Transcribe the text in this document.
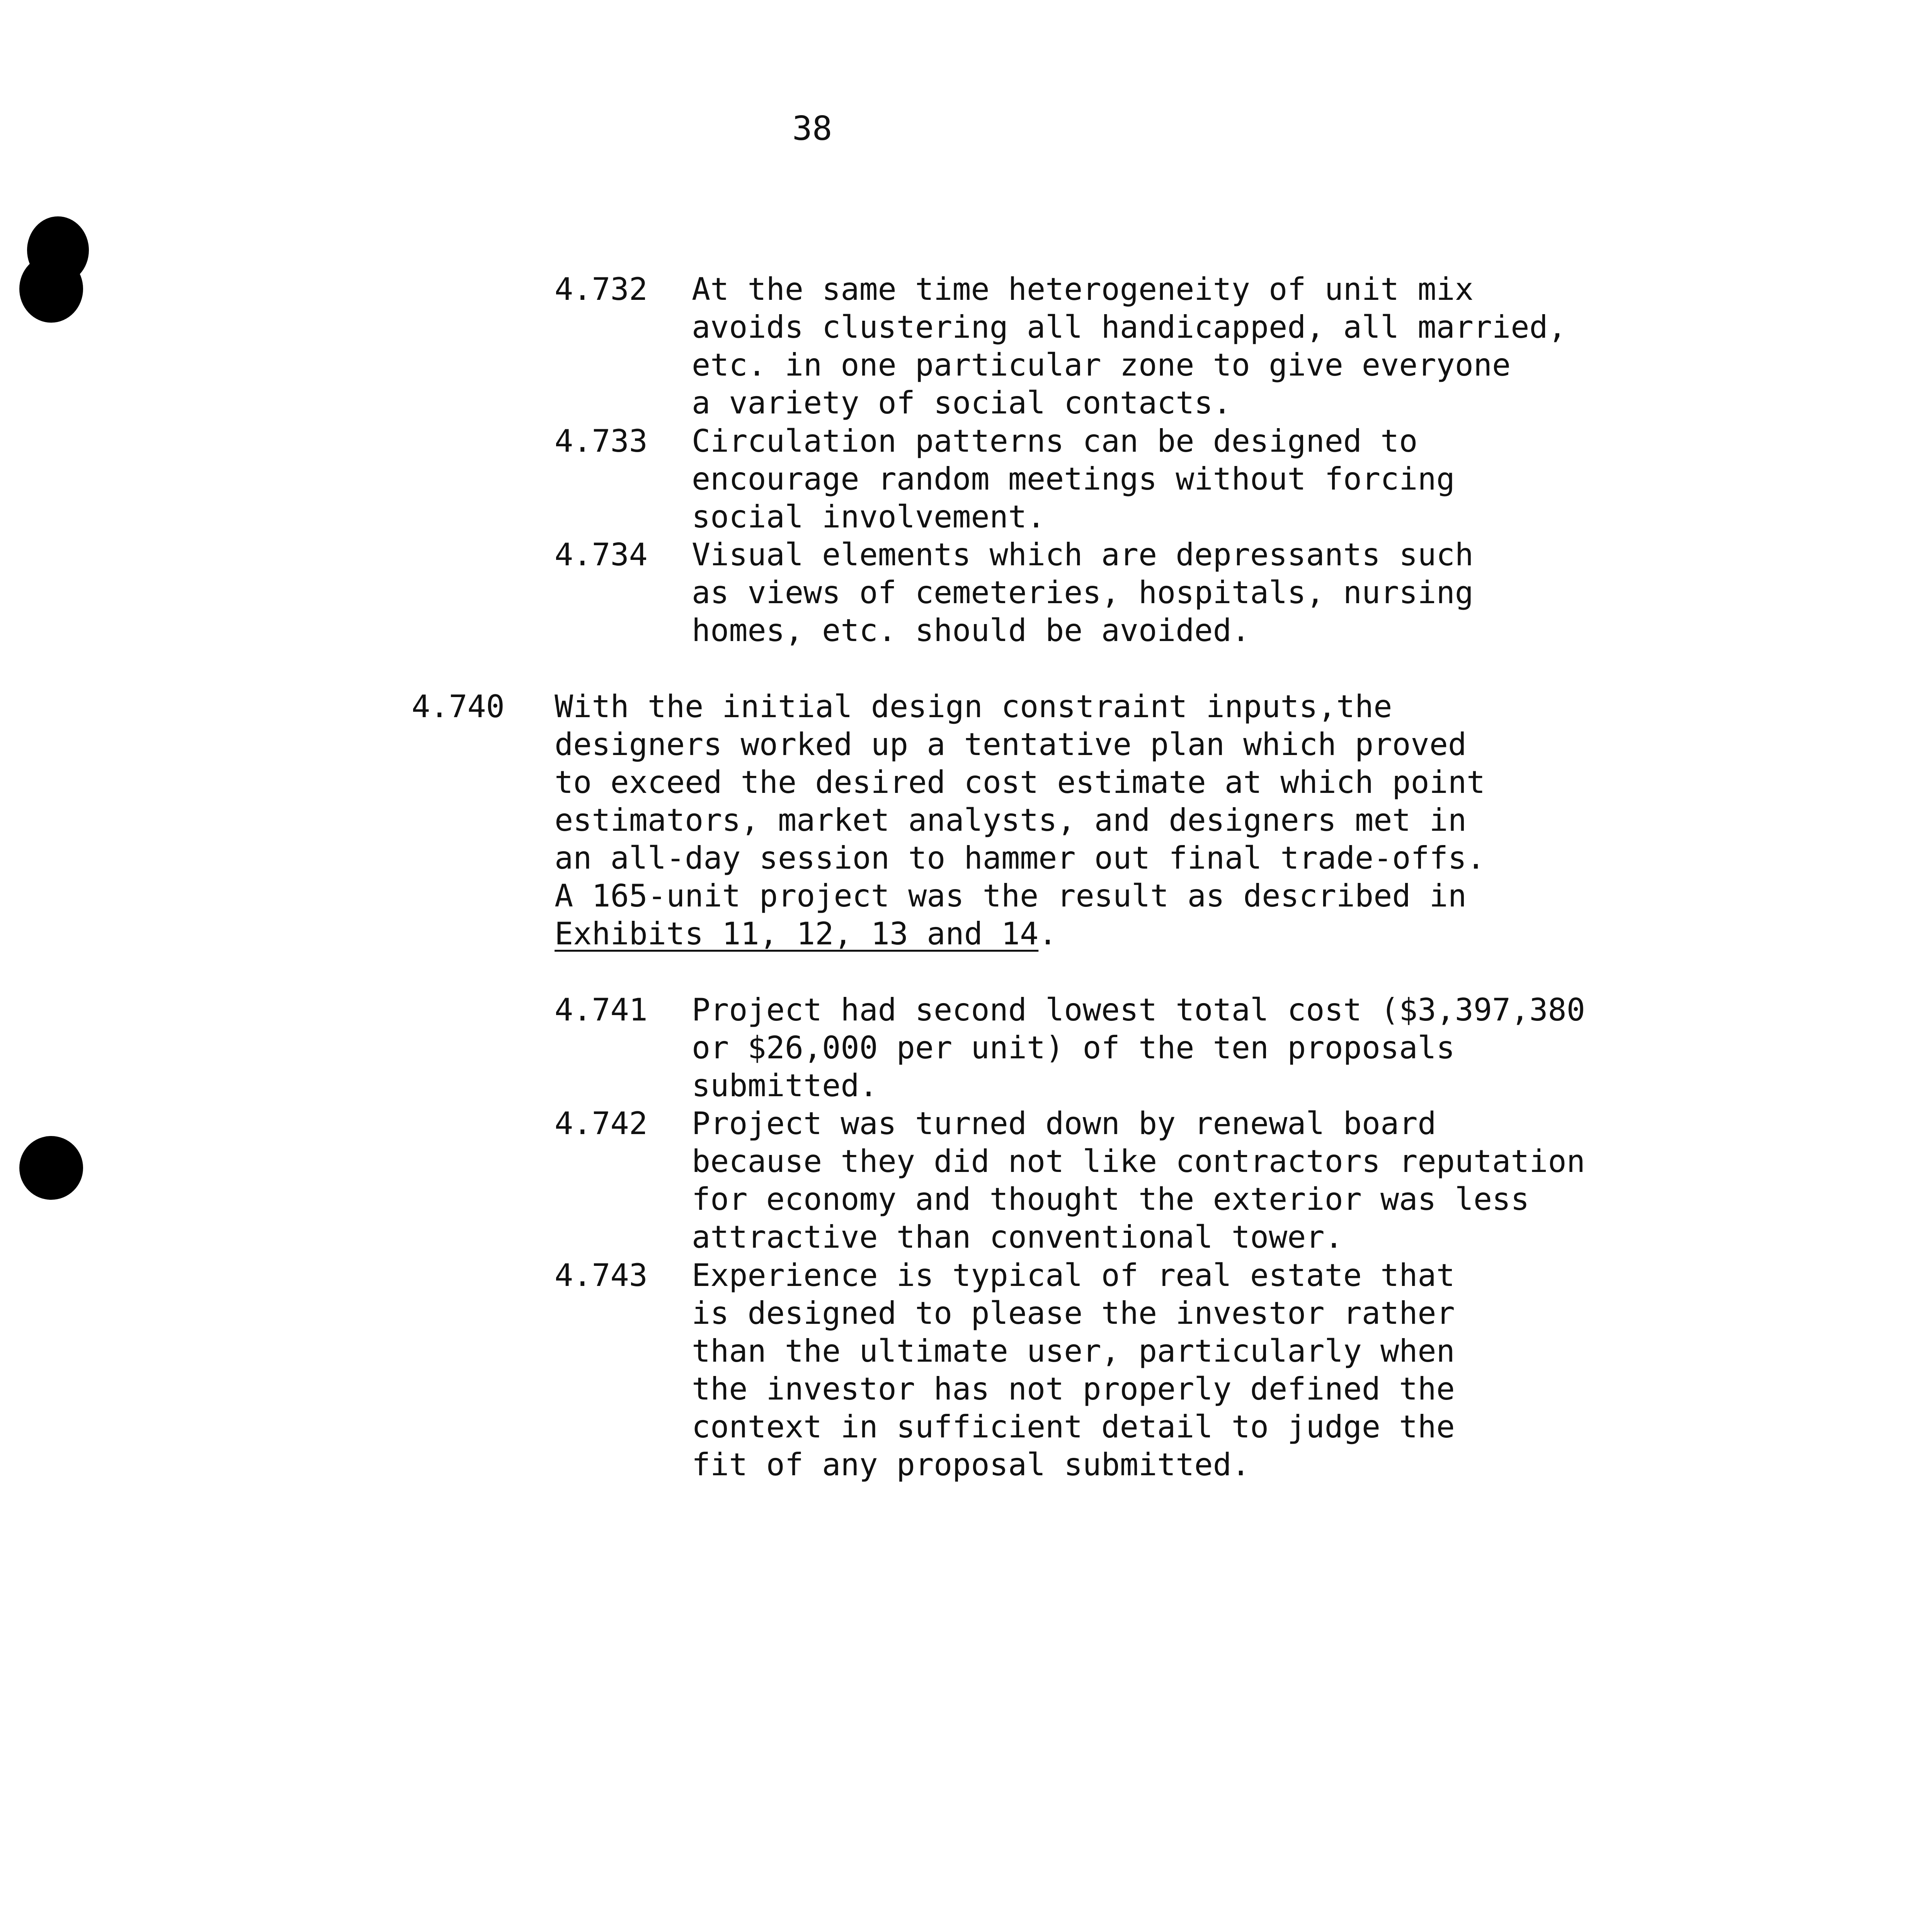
38
4.732 At the same time heterogeneity of unit mix
avoids clustering all handicapped, all married,
etc. in one particular zone to give everyone
a variety of social contacts.
4.733 Circulation patterns can be designed to
encourage random meetings without forcing
social involvement.
4.734 Visual elements which are depressants such
as views of cemeteries, hospitals, nursing
homes, etc. should be avoided.
4.740 With the initial design constraint inputs,the
designers worked up a tentative plan which proved
to exceed the desired cost estimate at which point
estimators, market analysts, and designers met in
an all-day session to hammer out final trade-offs.
A 165-unit project was the result as described in
Exhibits 11, 12, 13 and 14.
4.741 Project had second lowest total cost ($3,397,380
or $26,000 per unit) of the ten proposals
submitted.
4.742 Project was turned down by renewal board
because they did not like contractors reputation
for economy and thought the exterior was less
attractive than conventional tower.
4.743 Experience is typical of real estate that
is designed to please the investor rather
than the ultimate user, particularly when
the investor has not properly defined the
context in sufficient detail to judge the
fit of any proposal submitted.
